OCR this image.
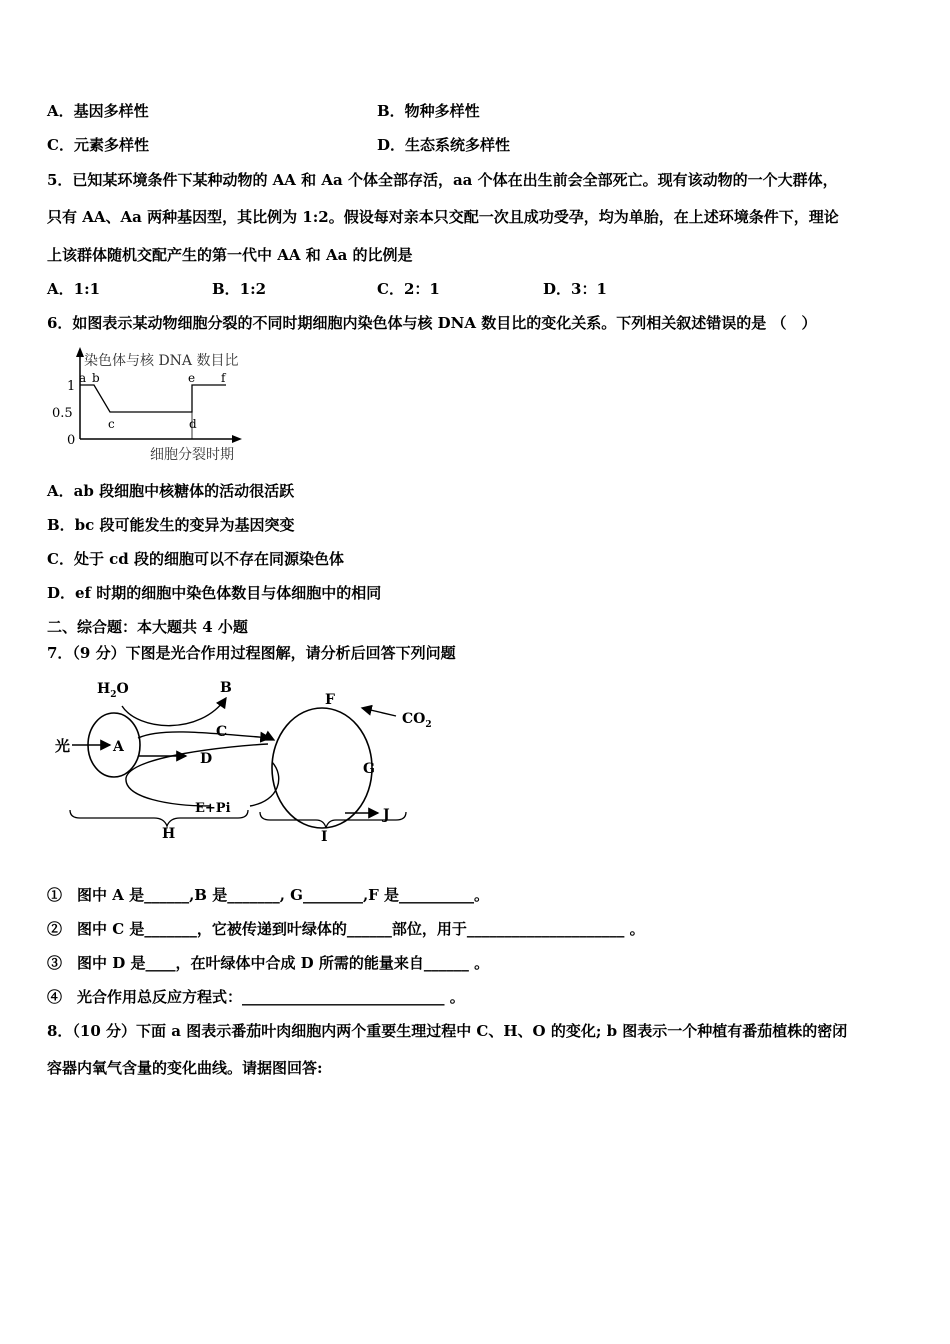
A．基因多样性	B．物种多样性
C．元素多样性	D．生态系统多样性
5．已知某环境条件下某种动物的 AA 和 Aa 个体全部存活，aa 个体在出生前会全部死亡。现有该动物的一个大群体，
只有 AA、Aa 两种基因型，其比例为 1:2。假设每对亲本只交配一次且成功受孕，均为单胎，在上述环境条件下，理论
上该群体随机交配产生的第一代中 AA 和 Aa 的比例是
A．1:1	B．1:2	C．2：1	D．3：1
6．如图表示某动物细胞分裂的不同时期细胞内染色体与核 DNA 数目比的变化关系。下列相关叙述错误的是 （　）
染色体与核 DNA 数目比
细胞分裂时期
1
0.5
0
a b
c	d
e f
A．ab 段细胞中核糖体的活动很活跃
B．bc 段可能发生的变异为基因突变
C．处于 cd 段的细胞可以不存在同源染色体
D．ef 时期的细胞中染色体数目与体细胞中的相同
二、综合题：本大题共 4 小题
7．（9 分）下图是光合作用过程图解，请分析后回答下列问题
光	A
$H_2O$	B
C
D
E+Pi
F
$CO_2$
G
J
H	I
①　图中 A 是______,B 是_______, G________,F 是__________。
②　图中 C 是_______，它被传递到叶绿体的______部位，用于_____________________ 。
③　图中 D 是____，在叶绿体中合成 D 所需的能量来自______ 。
④　光合作用总反应方程式：___________________________ 。
8．（10 分）下面 a 图表示番茄叶肉细胞内两个重要生理过程中 C、H、O 的变化; b 图表示一个种植有番茄植株的密闭
容器内氧气含量的变化曲线。请据图回答:
